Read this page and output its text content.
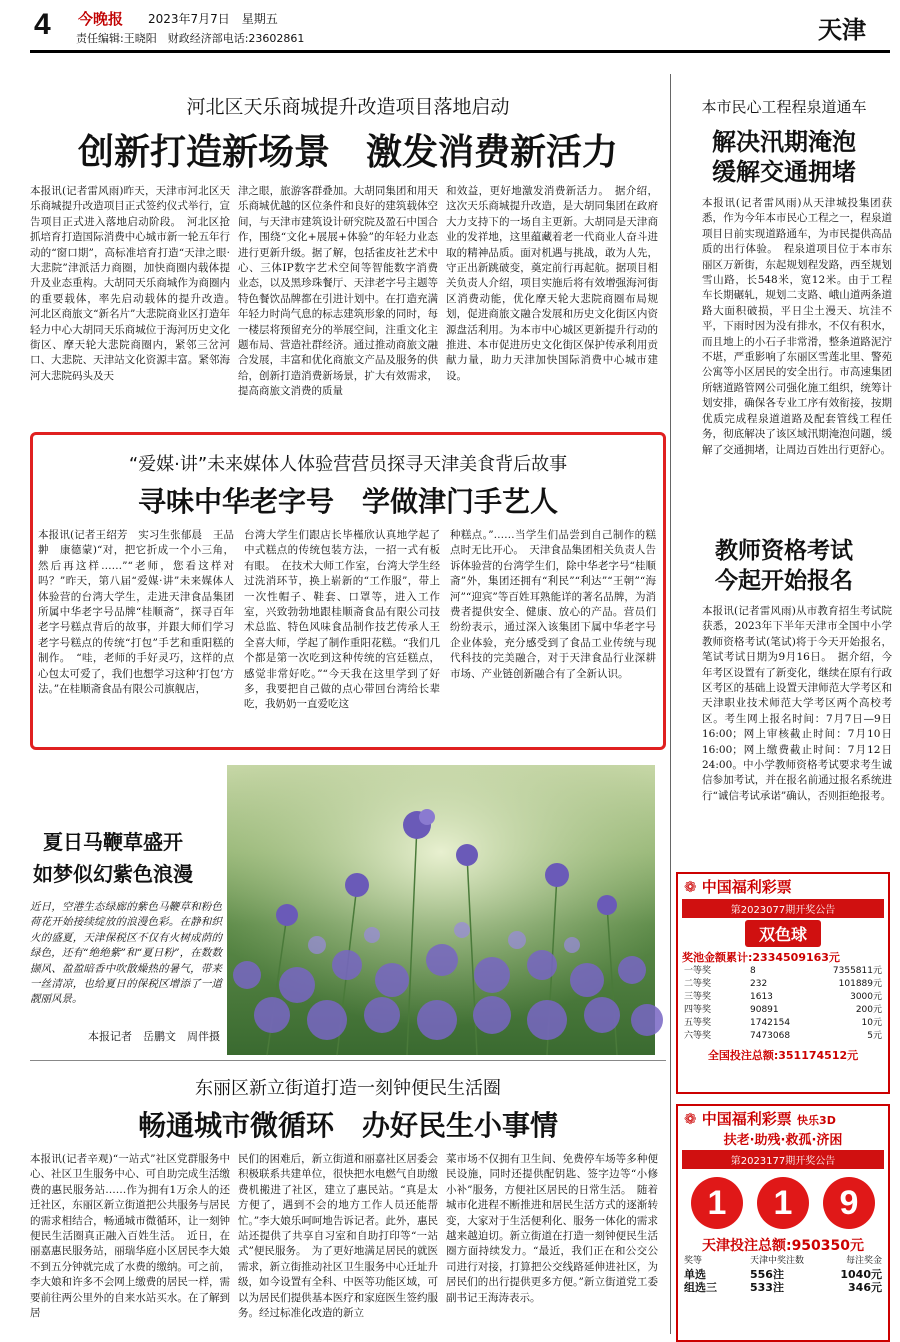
4 今晚报 2023年7月7日　星期五
责任编辑:王晓阳　财政经济部电话:23602861	天津
河北区天乐商城提升改造项目落地启动
创新打造新场景　激发消费新活力
本报讯(记者雷风雨)昨天，天津市河北区天乐商城提升改造项目正式签约仪式举行，宣告项目正式进入落地启动阶段。　河北区抢抓培育打造国际消费中心城市新一轮五年行动的“窗口期”，高标准培育打造“天津之眼·大悲院”津派活力商圈，加快商圈内载体提升及业态重构。大胡同天乐商城作为商圈内的重要载体，率先启动载体的提升改造。　河北区商旅文“新名片”大悲院商业区打造年轻力中心大胡同天乐商城位于海河历史文化街区、摩天轮大悲院商圈内，紧邻三岔河口、大悲院、天津站文化资源丰富。紧邻海河大悲院码头及天
津之眼，旅游客群叠加。大胡同集团和用天乐商城优越的区位条件和良好的建筑载体空间，与天津市建筑设计研究院及盈石中国合作，围绕“文化+展展+体验”的年轻力业态进行更新升级。据了解，包括雀皮社艺术中心、三体IP数字艺术空间等智能数字消费业态，以及黑珍珠餐厅、天津老字号主题等特色餐饮品牌都在引进计划中。在打造充满年轻力时尚气息的标志建筑形象的同时，每一楼层将预留充分的举展空间，注重文化主题布局、营造社群经济。通过推动商旅文融合发展，丰富和优化商旅文产品及服务的供给，创新打造消费新场景，扩大有效需求，提高商旅文消费的质量
和效益，更好地激发消费新活力。　据介绍，这次天乐商城提升改造，是大胡同集团在政府大力支持下的一场自主更新。大胡同是天津商业的发祥地，这里蕴藏着老一代商业人奋斗进取的精神品质。面对机遇与挑战，敢为人先，守正出新跳破变，奠定前行再起航。据项目相关负责人介绍，项目实施后将有效增强海河街区消费动能，优化摩天轮大悲院商圈布局规划，促进商旅文融合发展和历史文化街区内资源盘活利用。为本市中心城区更新提升行动的推进、本市促进历史文化街区保护传承利用贡献力量，助力天津加快国际消费中心城市建设。
本市民心工程程泉道通车
解决汛期淹泡
缓解交通拥堵
本报讯(记者雷风雨)从天津城投集团获悉，作为今年本市民心工程之一，程泉道项目日前实现道路通车，为市民提供高品质的出行体验。　程泉道项目位于本市东丽区万新街，东起规划程发路，西至规划雪山路，长548米，宽12米。由于工程车长期碾轧，规划二支路、峨山道两条道路大面积破损，平日尘土漫天、坑洼不平，下雨时因为没有排水，不仅有积水，而且地上的小石子非常滑，整条道路泥泞不堪，严重影响了东丽区雪莲北里、警苑公寓等小区居民的安全出行。市高速集团所辖道路管网公司强化施工组织，统筹计划安排，确保各专业工序有效衔接，按期优质完成程泉道道路及配套管线工程任务，彻底解决了该区域汛期淹泡问题，缓解了交通拥堵，让周边百姓出行更舒心。
“爱媒·讲”未来媒体人体验营营员探寻天津美食背后故事
寻味中华老字号　学做津门手艺人
本报讯(记者王绍芳　实习生张郁晨　王品翀　康德蒙)“对，把它折成一个小三角，然后再这样……”“老师，您看这样对吗？”昨天，第八届“爱媒·讲”未来媒体人体验营的台湾大学生，走进天津食品集团所属中华老字号品牌“桂顺斋”，探寻百年老字号糕点背后的故事，并跟大师们学习老字号糕点的传统“打包”手艺和重阳糕的制作。　“哇，老师的手好灵巧，这样的点心包太可爱了，我们也想学习这种‘打包’方法。”在桂顺斋食品有限公司旗舰店，
台湾大学生们跟店长毕槿欣认真地学起了中式糕点的传统包装方法，一招一式有板有眼。　在技术大师工作室，台湾大学生经过洗消环节，换上崭新的“工作服”，带上一次性帽子、鞋套、口罩等，进入工作室，兴致勃勃地跟桂顺斋食品有限公司技术总监、特色风味食品制作技艺传承人王全喜大师，学起了制作重阳花糕。“我们几个都是第一次吃到这种传统的宫廷糕点，感觉非常好吃。”“今天我在这里学到了好多，我要把自己做的点心带回台湾给长辈吃，我奶奶一直爱吃这
种糕点。”……当学生们品尝到自己制作的糕点时无比开心。　天津食品集团相关负责人告诉体验营的台湾学生们，除中华老字号“桂顺斋”外，集团还拥有“利民”“利达”“王朝”“海河”“迎宾”等百姓耳熟能详的著名品牌，为消费者提供安全、健康、放心的产品。营员们纷纷表示，通过深入该集团下属中华老字号企业体验，充分感受到了食品工业传统与现代科技的完美融合，对于天津食品行业深耕市场、产业链创新融合有了全新认识。
教师资格考试
今起开始报名
本报讯(记者雷风雨)从市教育招生考试院获悉，2023年下半年天津市全国中小学教师资格考试(笔试)将于今天开始报名，笔试考试日期为9月16日。　据介绍，今年考区设置有了新变化，继续在原有行政区考区的基础上设置天津师范大学考区和天津职业技术师范大学考区两个高校考区。考生网上报名时间：7月7日—9日16:00；网上审核截止时间：7月10日16:00；网上缴费截止时间：7月12日24:00。中小学教师资格考试要求考生诚信参加考试，并在报名前通过报名系统进行“诚信考试承诺”确认，否则拒绝报考。
夏日马鞭草盛开
如梦似幻紫色浪漫
近日，空港生态绿廊的紫色马鞭草和粉色荷花开始接续绽放的浪漫色彩。在静和织火的盛夏，天津保税区不仅有火树成荫的绿色，还有“绝绝紫”和“夏日粉”，在数数撷风、盈盈暗香中吹散燥热的暑气，带来一丝清凉，也给夏日的保税区增添了一道靓丽风景。
本报记者　岳鹏文　周伴摄
❁ 中国福利彩票
第2023077期开奖公告
双色球
奖池金额累计:2334509163元
一等奖	8	7355811元
二等奖	232	101889元
三等奖	1613	3000元
四等奖	90891	200元
五等奖	1742154	10元
六等奖	7473068	5元
全国投注总额:351174512元
❁ 中国福利彩票 快乐3D
扶老·助残·救孤·济困
第2023177期开奖公告
1	1	9
天津投注总额:950350元
奖等	天津中奖注数	每注奖金
单选	556注	1040元
组选三	533注	346元
东丽区新立街道打造一刻钟便民生活圈
畅通城市微循环　办好民生小事情
本报讯(记者辛观)“一站式”社区党群服务中心、社区卫生服务中心、可自助完成生活缴费的惠民服务站……作为拥有1万余人的还迁社区，东丽区新立街道把公共服务与居民的需求相结合，畅通城市微循环，让一刻钟便民生活圈真正融入百姓生活。　近日，在丽嘉惠民服务站，丽瑞华庭小区居民李大娘不到五分钟就完成了水费的缴纳。可之前，李大娘和许多不会网上缴费的居民一样，需要前往两公里外的自来水站买水。在了解到居
民们的困难后，新立街道和丽嘉社区居委会积极联系共建单位，很快把水电燃气自助缴费机搬进了社区，建立了惠民站。“真是太方便了，遇到不会的地方工作人员还能帮忙。”李大娘乐呵呵地告诉记者。此外，惠民站还提供了共享自习室和自助打印等“一站式”便民服务。　为了更好地满足居民的就医需求，新立街推动社区卫生服务中心迁址升级，如今设置有全科、中医等功能区域，可以为居民们提供基本医疗和家庭医生签约服务。经过标准化改造的新立
菜市场不仅拥有卫生间、免费停车场等多种便民设施，同时还提供配钥匙、签字边等“小修小补”服务，方便社区居民的日常生活。　随着城市化进程不断推进和居民生活方式的逐渐转变，大家对于生活便利化、服务一体化的需求越来越迫切。新立街道在打造一刻钟便民生活圈方面持续发力。“最近，我们正在和公交公司进行对接，打算把公交线路延伸进社区，为居民们的出行提供更多方便。”新立街道党工委副书记王海涛表示。
